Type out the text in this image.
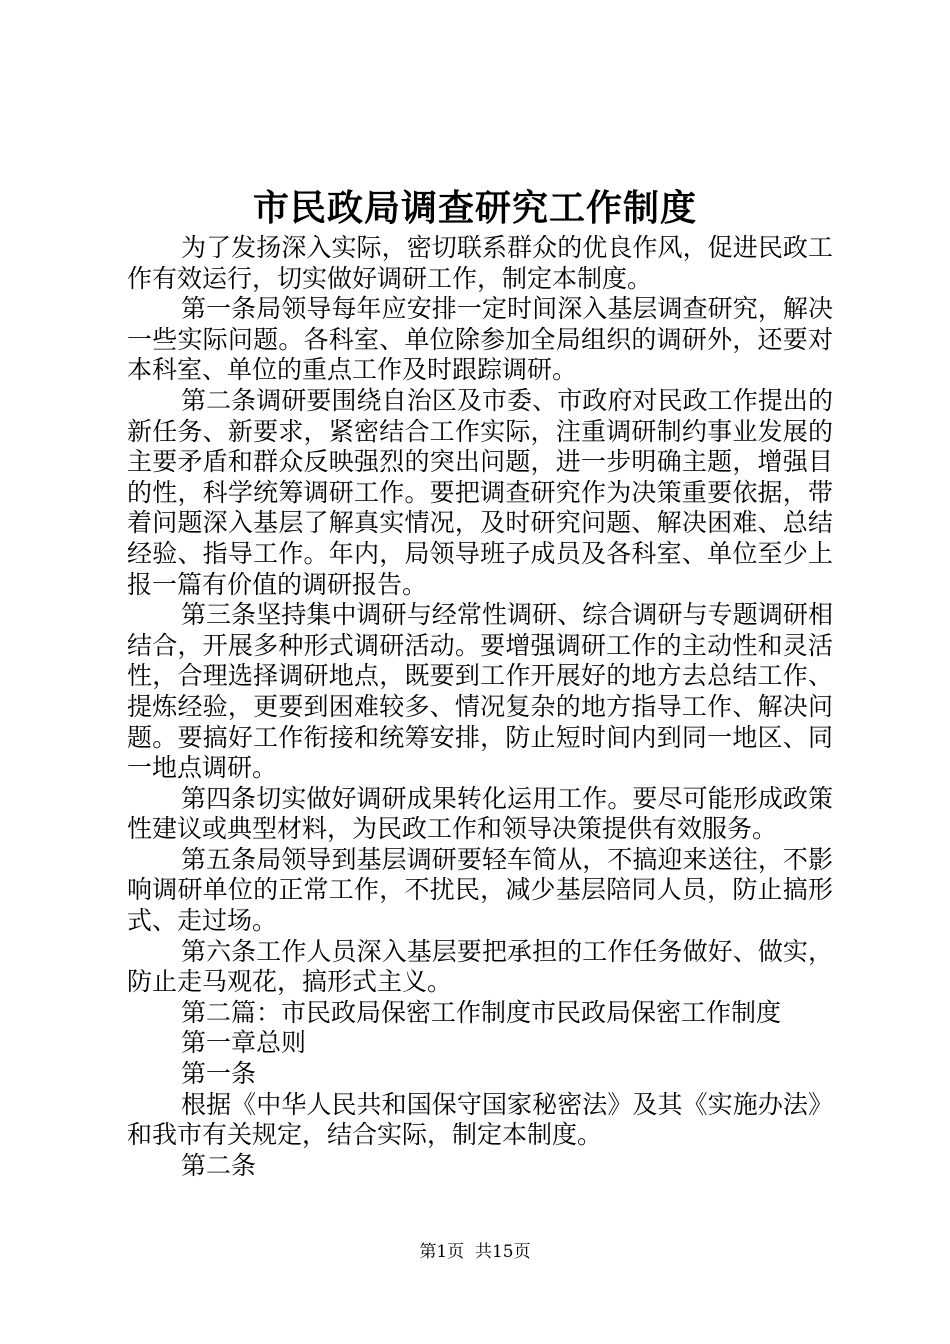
市民政局调查研究工作制度

为了发扬深入实际，密切联系群众的优良作风，促进民政工作有效运行，切实做好调研工作，制定本制度。

第一条局领导每年应安排一定时间深入基层调查研究，解决一些实际问题。各科室、单位除参加全局组织的调研外，还要对本科室、单位的重点工作及时跟踪调研。

第二条调研要围绕自治区及市委、市政府对民政工作提出的新任务、新要求，紧密结合工作实际，注重调研制约事业发展的主要矛盾和群众反映强烈的突出问题，进一步明确主题，增强目的性，科学统筹调研工作。要把调查研究作为决策重要依据，带着问题深入基层了解真实情况，及时研究问题、解决困难、总结经验、指导工作。年内，局领导班子成员及各科室、单位至少上报一篇有价值的调研报告。

第三条坚持集中调研与经常性调研、综合调研与专题调研相结合，开展多种形式调研活动。要增强调研工作的主动性和灵活性，合理选择调研地点，既要到工作开展好的地方去总结工作、提炼经验，更要到困难较多、情况复杂的地方指导工作、解决问题。要搞好工作衔接和统筹安排，防止短时间内到同一地区、同一地点调研。

第四条切实做好调研成果转化运用工作。要尽可能形成政策性建议或典型材料，为民政工作和领导决策提供有效服务。

第五条局领导到基层调研要轻车简从，不搞迎来送往，不影响调研单位的正常工作，不扰民，减少基层陪同人员，防止搞形式、走过场。

第六条工作人员深入基层要把承担的工作任务做好、做实，防止走马观花，搞形式主义。

第二篇：市民政局保密工作制度市民政局保密工作制度

第一章总则

第一条

根据《中华人民共和国保守国家秘密法》及其《实施办法》和我市有关规定，结合实际，制定本制度。

第二条

第1页  共15页
